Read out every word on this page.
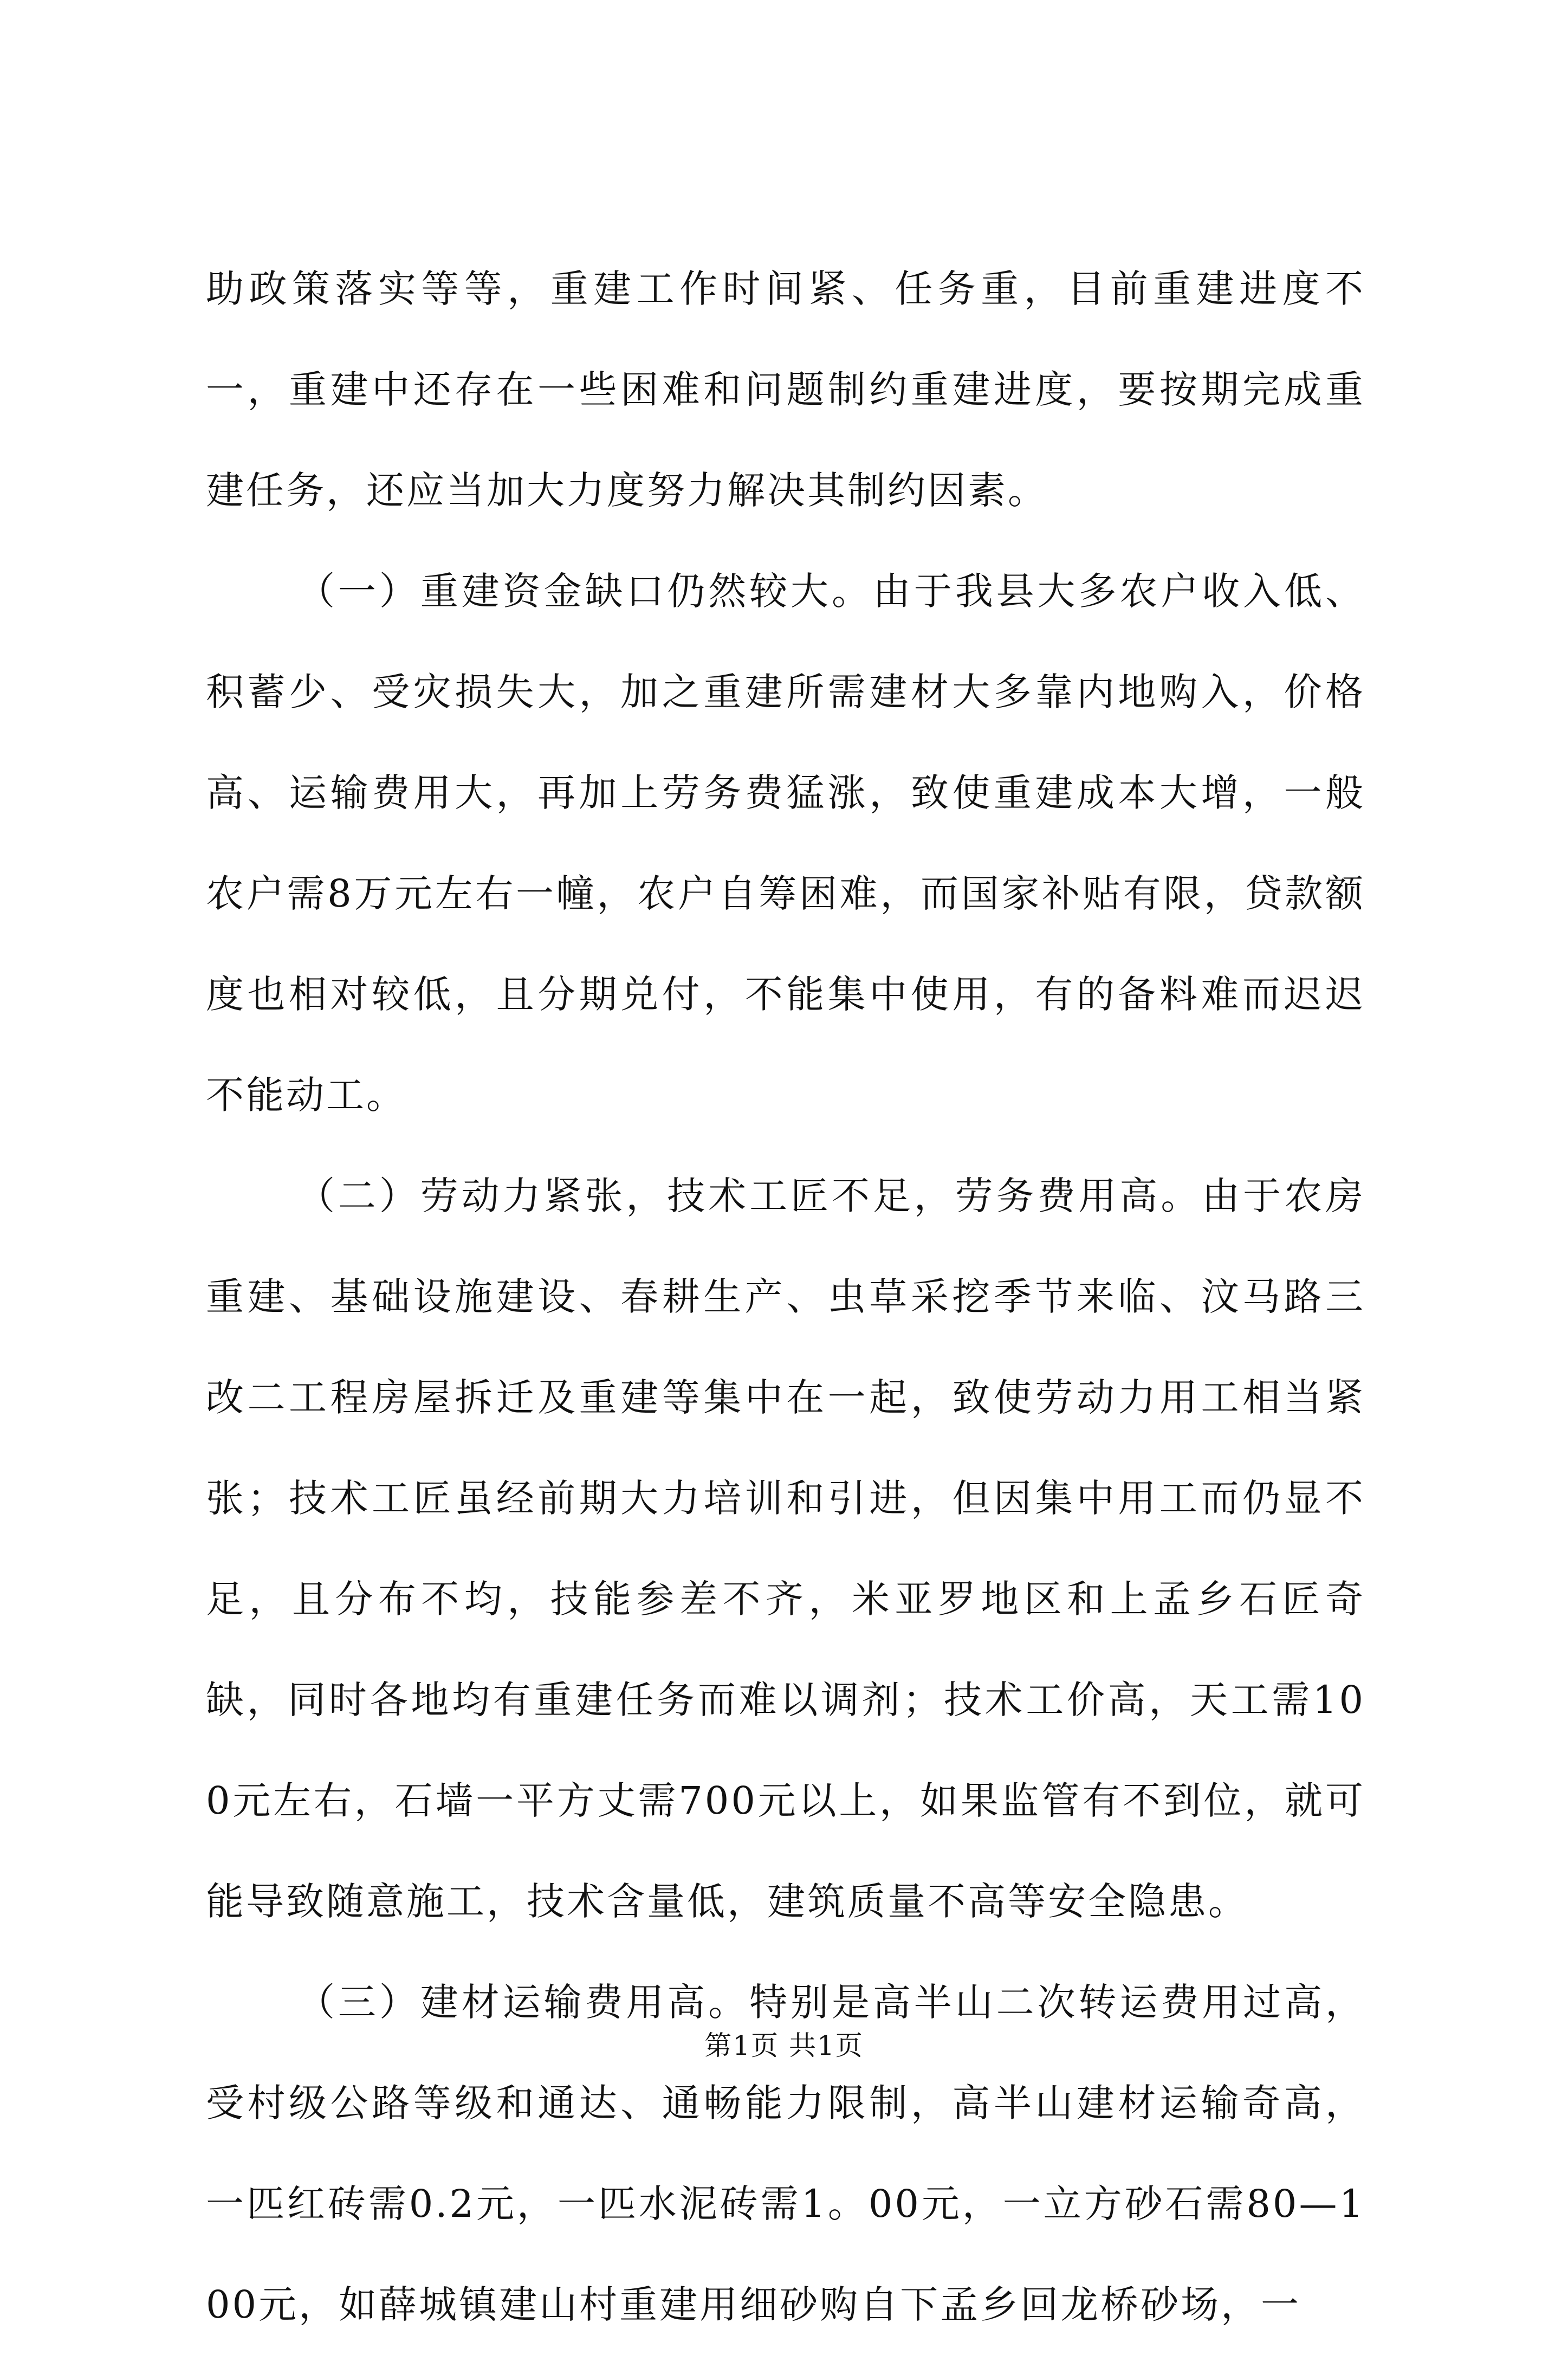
助政策落实等等，重建工作时间紧、任务重，目前重建进度不一，重建中还存在一些困难和问题制约重建进度，要按期完成重建任务，还应当加大力度努力解决其制约因素。

（一）重建资金缺口仍然较大。由于我县大多农户收入低、积蓄少、受灾损失大，加之重建所需建材大多靠内地购入，价格高、运输费用大，再加上劳务费猛涨，致使重建成本大增，一般农户需8万元左右一幢，农户自筹困难，而国家补贴有限，贷款额度也相对较低，且分期兑付，不能集中使用，有的备料难而迟迟不能动工。

（二）劳动力紧张，技术工匠不足，劳务费用高。由于农房重建、基础设施建设、春耕生产、虫草采挖季节来临、汶马路三改二工程房屋拆迁及重建等集中在一起，致使劳动力用工相当紧张；技术工匠虽经前期大力培训和引进，但因集中用工而仍显不足，且分布不均，技能参差不齐，米亚罗地区和上孟乡石匠奇缺，同时各地均有重建任务而难以调剂；技术工价高，天工需100元左右，石墙一平方丈需700元以上，如果监管有不到位，就可能导致随意施工，技术含量低，建筑质量不高等安全隐患。

（三）建材运输费用高。特别是高半山二次转运费用过高，受村级公路等级和通达、通畅能力限制，高半山建材运输奇高，一匹红砖需0.2元，一匹水泥砖需1。00元，一立方砂石需80—100元，如薛城镇建山村重建用细砂购自下孟乡回龙桥砂场，一

第1页 共1页
